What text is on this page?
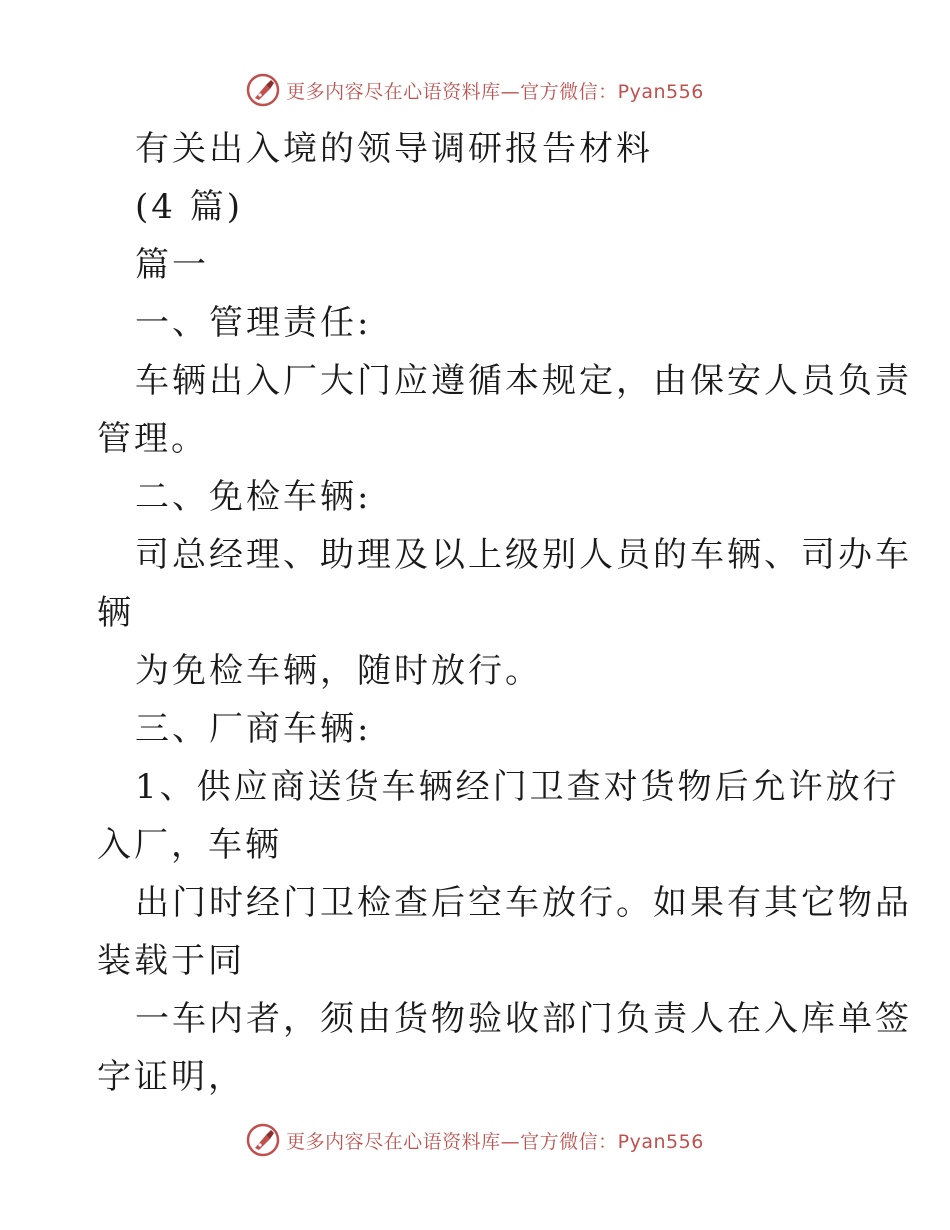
更多内容尽在心语资料库—官方微信：Pyan556
有关出入境的领导调研报告材料
(4 篇)
篇一
一、管理责任:
车辆出入厂大门应遵循本规定，由保安人员负责
管理。
二、免检车辆:
司总经理、助理及以上级别人员的车辆、司办车
辆
为免检车辆，随时放行。
三、厂商车辆:
1、供应商送货车辆经门卫查对货物后允许放行
入厂，车辆
出门时经门卫检查后空车放行。如果有其它物品
装载于同
一车内者，须由货物验收部门负责人在入库单签
字证明，
更多内容尽在心语资料库—官方微信：Pyan556
